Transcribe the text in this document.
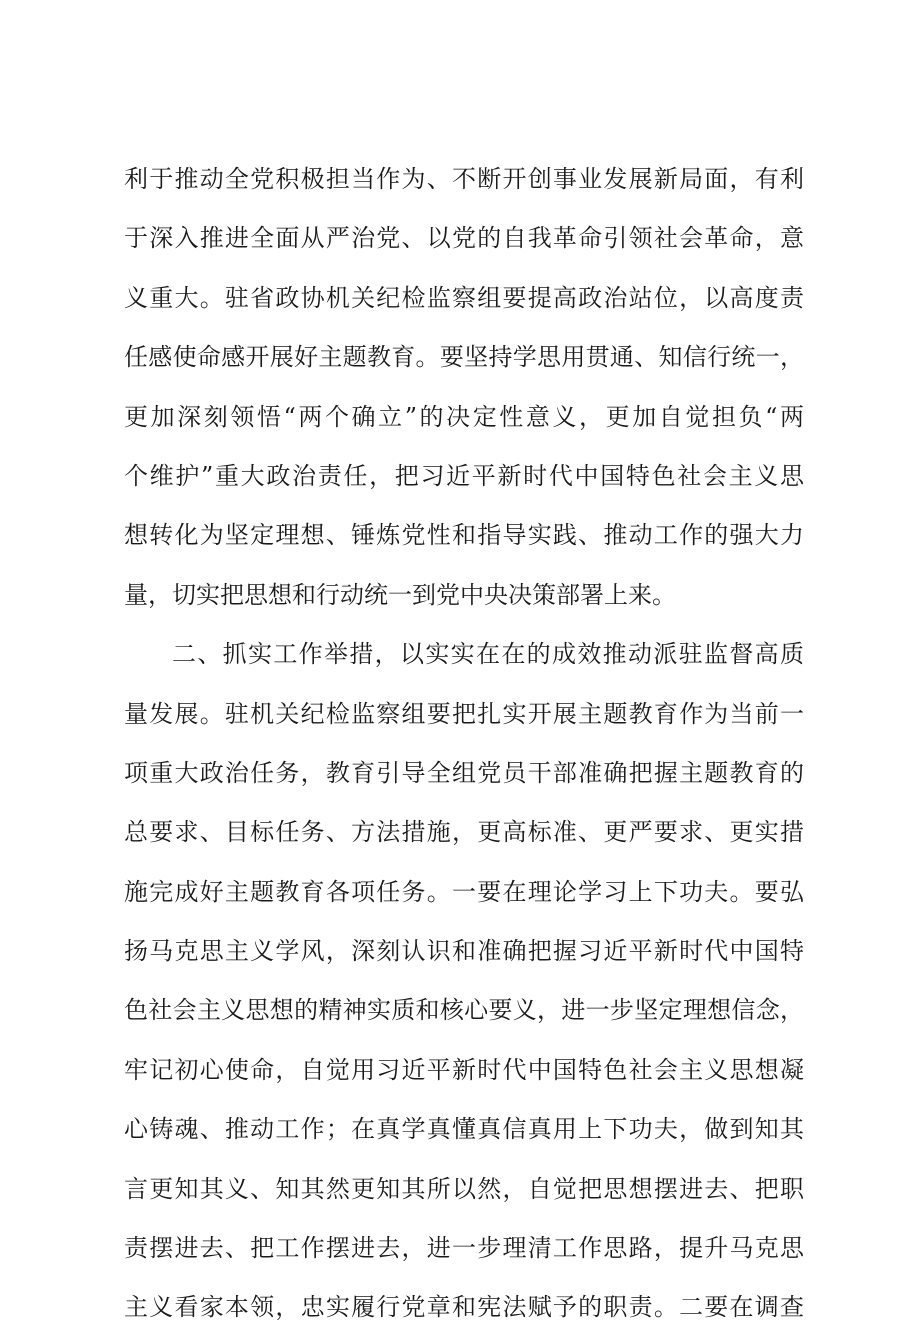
利于推动全党积极担当作为、不断开创事业发展新局面，有利
于深入推进全面从严治党、以党的自我革命引领社会革命，意
义重大。驻省政协机关纪检监察组要提高政治站位，以高度责
任感使命感开展好主题教育。要坚持学思用贯通、知信行统一，
更加深刻领悟“两个确立”的决定性意义，更加自觉担负“两
个维护”重大政治责任，把习近平新时代中国特色社会主义思
想转化为坚定理想、锤炼党性和指导实践、推动工作的强大力
量，切实把思想和行动统一到党中央决策部署上来。
二、抓实工作举措，以实实在在的成效推动派驻监督高质
量发展。驻机关纪检监察组要把扎实开展主题教育作为当前一
项重大政治任务，教育引导全组党员干部准确把握主题教育的
总要求、目标任务、方法措施，更高标准、更严要求、更实措
施完成好主题教育各项任务。一要在理论学习上下功夫。要弘
扬马克思主义学风，深刻认识和准确把握习近平新时代中国特
色社会主义思想的精神实质和核心要义，进一步坚定理想信念，
牢记初心使命，自觉用习近平新时代中国特色社会主义思想凝
心铸魂、推动工作；在真学真懂真信真用上下功夫，做到知其
言更知其义、知其然更知其所以然，自觉把思想摆进去、把职
责摆进去、把工作摆进去，进一步理清工作思路，提升马克思
主义看家本领，忠实履行党章和宪法赋予的职责。二要在调查
